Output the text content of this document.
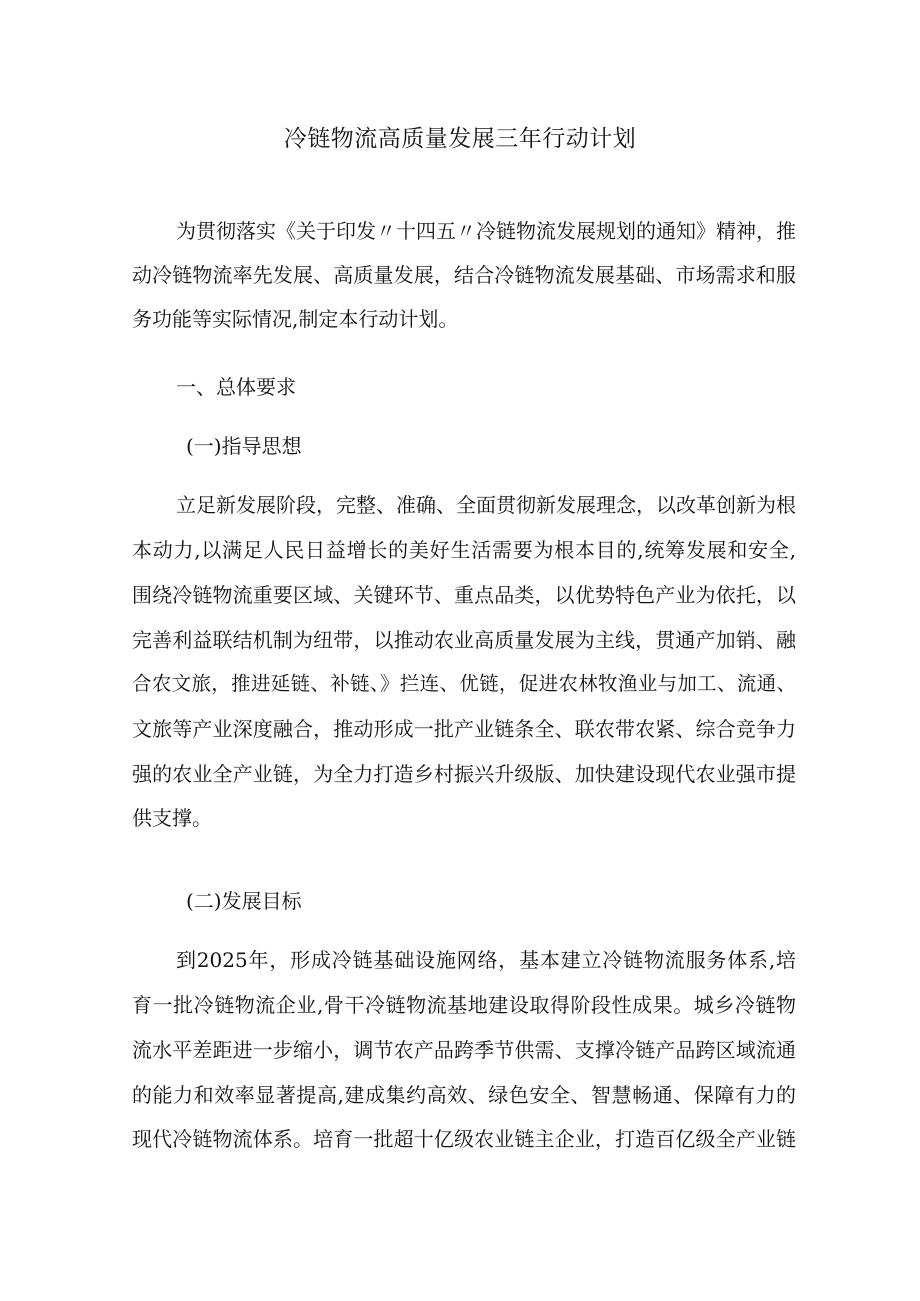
冷链物流高质量发展三年行动计划

为贯彻落实《关于印发〃十四五〃冷链物流发展规划的通知》精神，推

动冷链物流率先发展、高质量发展，结合冷链物流发展基础、市场需求和服

务功能等实际情况,制定本行动计划。

一、总体要求

(一)指导思想

立足新发展阶段，完整、准确、全面贯彻新发展理念，以改革创新为根

本动力,以满足人民日益增长的美好生活需要为根本目的,统筹发展和安全,

围绕冷链物流重要区域、关键环节、重点品类，以优势特色产业为依托，以

完善利益联结机制为纽带，以推动农业高质量发展为主线，贯通产加销、融

合农文旅，推进延链、补链、》拦连、优链，促进农林牧渔业与加工、流通、

文旅等产业深度融合，推动形成一批产业链条全、联农带农紧、综合竞争力

强的农业全产业链，为全力打造乡村振兴升级版、加快建设现代农业强市提

供支撑。

(二)发展目标

到2025年，形成冷链基础设施网络，基本建立冷链物流服务体系,培

育一批冷链物流企业,骨干冷链物流基地建设取得阶段性成果。城乡冷链物

流水平差距进一步缩小，调节农产品跨季节供需、支撑冷链产品跨区域流通

的能力和效率显著提高,建成集约高效、绿色安全、智慧畅通、保障有力的

现代冷链物流体系。培育一批超十亿级农业链主企业，打造百亿级全产业链
